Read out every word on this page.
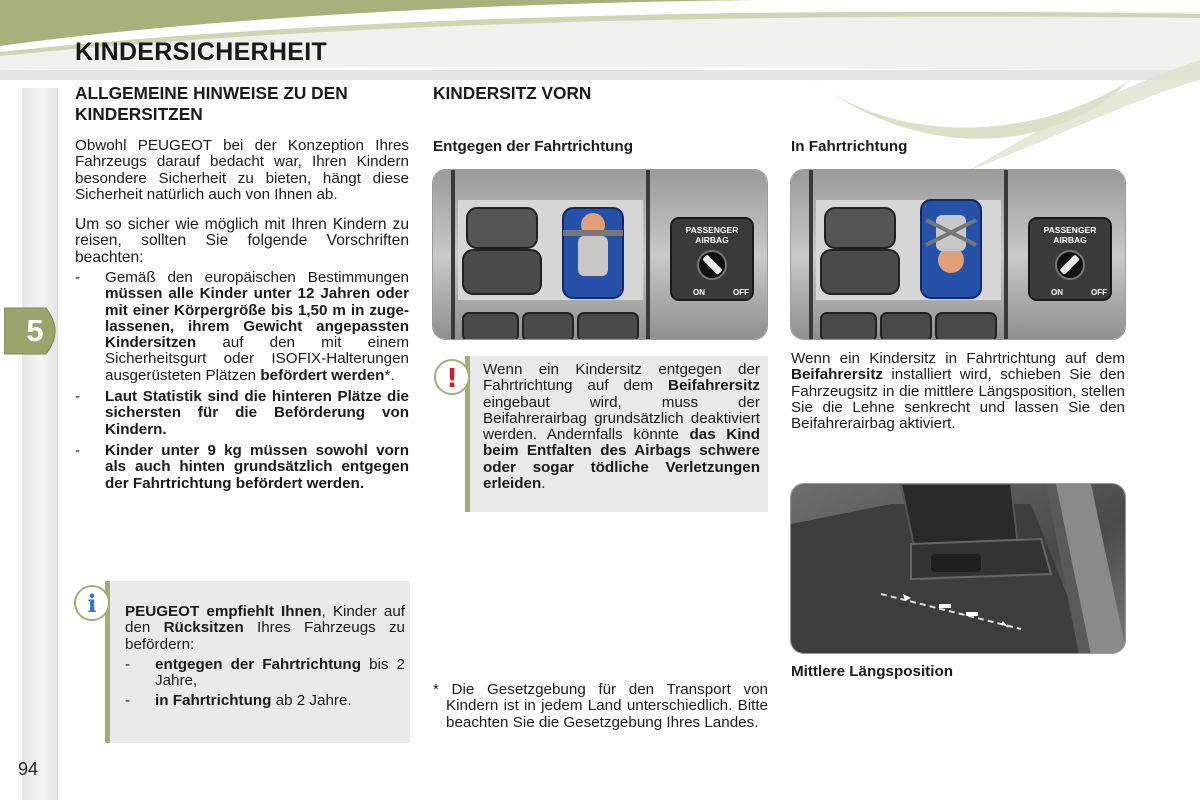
KINDERSICHERHEIT
5
94
ALLGEMEINE HINWEISE ZU DEN KINDERSITZEN
Obwohl PEUGEOT bei der Konzeption Ihres Fahrzeugs darauf bedacht war, Ihren Kindern besondere Sicherheit zu bieten, hängt diese Sicherheit natürlich auch von Ihnen ab.
Um so sicher wie möglich mit Ihren Kindern zu reisen, sollten Sie folgende Vorschriften beachten:
- Gemäß den europäischen Bestimmungen müssen alle Kinder unter 12 Jahren oder mit einer Körpergröße bis 1,50 m in zugelassenen, ihrem Gewicht angepassten Kindersitzen auf den mit einem Sicherheitsgurt oder ISOFIX-Halterungen ausgerüsteten Plätzen befördert werden*.
- Laut Statistik sind die hinteren Plätze die sichersten für die Beförderung von Kindern.
- Kinder unter 9 kg müssen sowohl vorn als auch hinten grundsätzlich entgegen der Fahrtrichtung befördert werden.
PEUGEOT empfiehlt Ihnen, Kinder auf den Rücksitzen Ihres Fahrzeugs zu befördern:
- entgegen der Fahrtrichtung bis 2 Jahre,
- in Fahrtrichtung ab 2 Jahre.
i
KINDERSITZ VORN
Entgegen der Fahrtrichtung
PASSENGER AIRBAG
ON	OFF
Wenn ein Kindersitz entgegen der Fahrtrichtung auf dem Beifahrersitz eingebaut wird, muss der Beifahrerairbag grundsätzlich deaktiviert werden. Andernfalls könnte das Kind beim Entfalten des Airbags schwere oder sogar tödliche Verletzungen erleiden.
!
* Die Gesetzgebung für den Transport von Kindern ist in jedem Land unterschiedlich. Bitte beachten Sie die Gesetzgebung Ihres Landes.
In Fahrtrichtung
PASSENGER AIRBAG
ON	OFF
Wenn ein Kindersitz in Fahrtrichtung auf dem Beifahrersitz installiert wird, schieben Sie den Fahrzeugsitz in die mittlere Längsposition, stellen Sie die Lehne senkrecht und lassen Sie den Beifahrerairbag aktiviert.
Mittlere Längsposition
